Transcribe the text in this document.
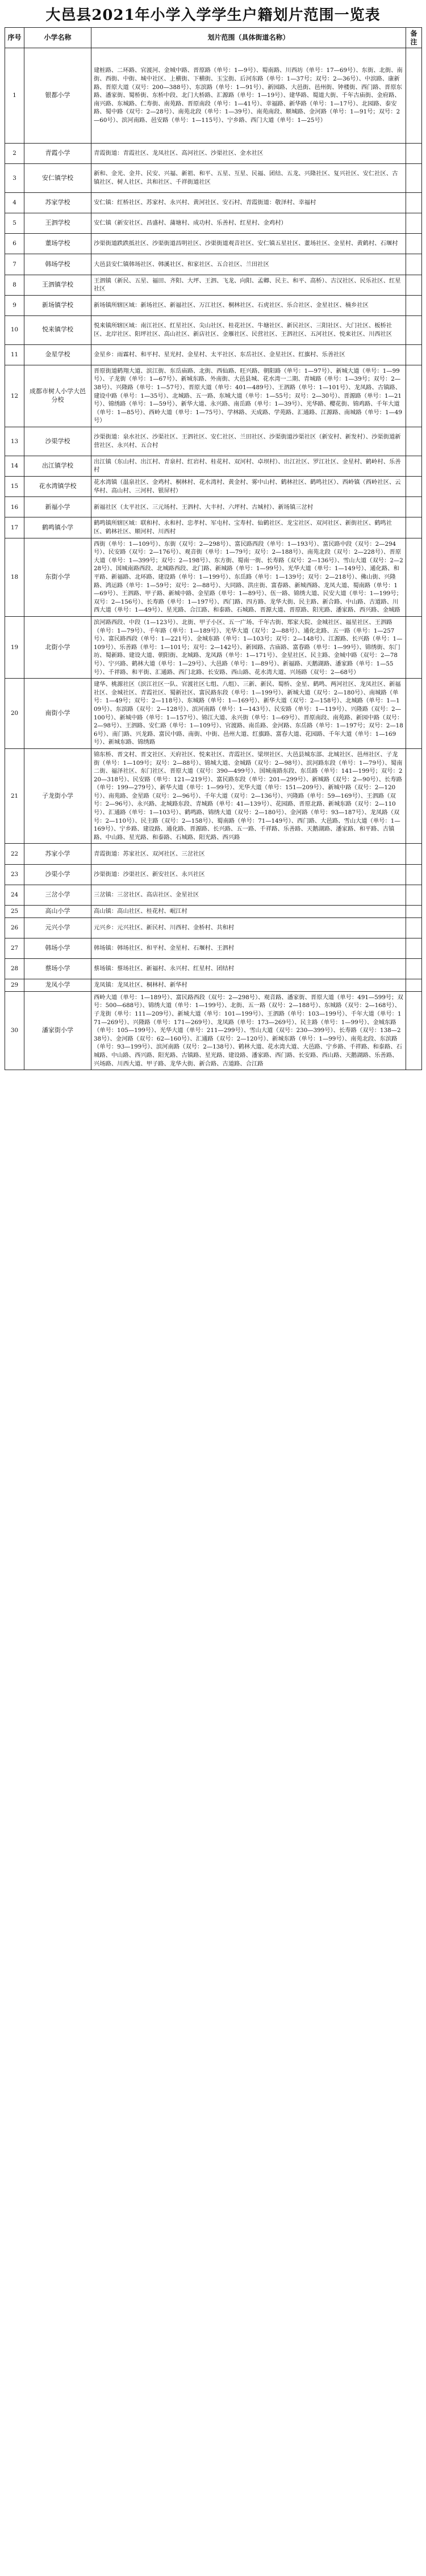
大邑县2021年小学入学学生户籍划片范围一览表
序号	小学名称	划片范围（具体街道名称）	备注
1	银都小学	建桩路、二环路、官渡河、金城中路、晋原路（单号：1—9号）、蜀南路、川西坊（单号：17—69号）、东街、北街、南街、西街、中街、城中社区、上横街、下横街、玉宝街、后河东路（单号：1—37号；双号：2—36号）、中滨路、康新路、晋原大道（双号：200—388号）、东滨路（单号：1—91号）、新园路、大邑街、邑州街、钟楼街、西门路、晋原东路、潘家街、蜀桥街、东桥中段、北门大桥路、汇源路（单号：1—19号）、建华路、蜀道大街、千年古庙街、金府路、南兴路、东城路、仁寿街、南苑路、晋原南段（单号：1—41号）、幸福路、新华路（单号：1—17号）、北园路、泰安路、蜀中路（双号：2—28号）、南苑北段（单号：1—39号）、南苑南段、顺城路、金河路（单号：1—91号；双号：2—60号）、滨河南路、邑安路（单号：1—115号）、宁乡路、西门大道（单号：1—25号）	
2	青霞小学	青霞街道：青霞社区、龙凤社区、高河社区、沙渠社区、金水社区	
3	安仁镇学校	新和、金光、金井、民安、兴福、新祖、和平、五星、互星、民福、团结、五龙、兴隆社区、复兴社区、安仁社区、古镇社区、树人社区、共和社区、千祥街道社区	
4	苏家学校	安仁镇：红桥社区、苏家村、永兴村、黄河社区、安石村、青霞街道：敬泽村、幸福村	
5	王泗学校	安仁镇（新安社区、昌盛村、蒲塘村、成功村、乐善村、红星村、金鸡村）	
6	董场学校	沙渠街道跌跌抵社区、沙渠街道昌明社区、沙渠街道观音社区、安仁镇五星社区、董场社区、金星村、黄鹤村、石堰村	
7	韩场学校	大邑县安仁镇韩场社区、韩溪社区、和家社区、五合社区、兰田社区	
8	王泗镇学校	王泗镇（新民、五星、福田、齐阳、大坪、王泗、飞龙、向阳、孟卿、民主、和平、高桥）、古汉社区、民乐社区、红星社区	
9	新场镇学校	新场镇所辖区域：新场社区、新福社区、万江社区、桐林社区、石虎社区、乐合社区、金星社区、楠乡社区	
10	悦来镇学校	悦来镇所辖区域：南江社区、红星社区、尖山社区、桂花社区、牛塘社区、新民社区、三阳社区、大门社区、板桥社区、北岸社区、阳坪社区、高山社区、新店社区、金雁社区、民营社区、王泗社区、五河社区、悦来社区、川西社区	
11	金星学校	金星乡：雨霖村、和平村、星光村、金星村、太平社区、东岳社区、金星社区、红旗村、乐善社区	
12	成都市树人小学大邑分校	晋原街道鹤翔大道、滨江街、东岳庙路、北街、西仙路、旺兴路、朝阳路（单号：1—97号）、新城大道（单号：1—99号）、子龙街（单号：1—67号）、新城东路、外南街、大邑县城、花水湾一二期、青城路（单号：1—39号；双号：2—38号）、兴隆路（单号：1—57号）、晋原大道（单号：401—489号）、王泗路（单号：1—101号）、龙凤路、古镇路、建设中路（单号：1—35号）、北城路、五一路、东城大道（单号：1—55号；双号：2—30号）、晋源路（单号：1—21号）、锦绣路（单号：1—59号）、新华大道、永兴路、南岳路（单号：1—39号）、光华路、樱花街、锦鸡路、千年大道（单号：1—85号）、西岭大道（单号：1—75号）、学林路、天成路、学苑路、汇通路、江源路、南城路（单号：1—49号）	
13	沙渠学校	沙渠街道：泉水社区、沙渠社区、王泗社区、安仁社区、兰田社区、沙渠街道沙渠社区（新安村、新发村）、沙渠街道新营社区、永兴村、五合村	
14	出江镇学校	出江镇（东山村、出江村、青泉村、红岩村、桂花村、双河村、卓坝村）、出江社区、罗江社区、金星村、鹤岭村、乐善村	
15	花水湾镇学校	花水湾镇（温泉社区、金鸡村、桐林村、花水湾村、黄金村、雾中山村、鹤林社区、鹤鸣社区）、西岭镇（西岭社区、云华村、高山村、三河村、银屏村）	
16	新福小学	新福社区（太平社区、三元场村、王泗村、大丰村、六坪村、古城村）、新场镇三岔村	
17	鹤鸣镇小学	鹤鸣镇所辖区域：联和村、永和村、忠孝村、军屯村、宝寿村、仙鹤社区、龙宝社区、双河社区、新街社区、鹤鸣社区、鹤林社区、顺河村、川西村	
18	东街小学	西街（单号：1—109号）、东街（双号：2—298号）、富民路西段（单号：1—193号）、富民路中段（双号：2—294号）、民安路（双号：2—176号）、观音街（单号：1—79号；双号：2—188号）、南苑北段（双号：2—228号）、晋原大道（单号：1—399号；双号：2—198号）、东方街、蜀南一街、长寿路（双号：2—136号）、雪山大道（双号：2—228号）、国城南路西段、北城路西段、北门路、新城路（单号：1—99号）、光华大道（单号：1—149号）、通化路、和平路、新福路、北环路、建设路（单号：1—199号）、东岳路（单号：1—139号；双号：2—218号）、佛山街、兴隆路、鸿运路（单号：1—59号；双号：2—88号）、大同路、洪庄街、富春路、新城西路、龙凤大道、蜀南路（单号：1—69号）、王泗路、甲子路、新城中路、金星路（单号：1—89号）、伍一路、锦绣大道、民安大道（单号：1—199号；双号：2—156号）、长寿路（单号：1—197号）、西门路、四方路、龙华大街、民主路、新合路、中山路、古道路、川西大道（单号：1—49号）、星光路、合江路、和泰路、石城路、晋源大道、晋原路、阳光路、潘家路、西兴路、金城路	
19	北街小学	滨河路西段、中段（1—123号）、北街、甲子小区、五一广场、千年古街、郑家大院、金城社区、福星社区、王泗路（单号：1—79号）、千年路（单号：1—189号）、光华大道（双号：2—88号）、通化北路、五一路（单号：1—257号）、富民路西段（单号：1—221号）、金城东路（单号：1—103号；双号：2—148号）、江源路、长兴路（单号：1—109号）、乐善路（单号：1—101号；双号：2—142号）、新园路、古庙路、富春路（单号：1—99号）、锦绣街、东门坊、蜀新路、建设大道、朝阳街、北城路、龙凤路（单号：1—171号）、金星社区、民主路、金城中路（双号：2—78号）、宁兴路、鹤林大道（单号：1—29号）、大邑路（单号：1—89号）、新福路、天鹅湖路、潘家路（单号：1—55号）、千祥路、和平街、汇通路、西门北路、长安路、西山路、花水湾大道、兴场路（双号：2—68号）	
20	南街小学	建华、桃源社区（滨江社区一队、官渡社区七组、八组）、三新、新民、蜀桥、金星、鹤鸣、两河社区、龙凤社区、新福社区、金城社区、青霞社区、蜀新社区、富民路东段（单号：1—199号）、新城大道（双号：2—180号）、南城路（单号：1—49号；双号：2—118号）、东城路（单号：1—169号）、新华大道（双号：2—158号）、北城路（单号：1—109号）、东滨路（双号：2—128号）、滨河南路（单号：1—143号）、民安路（单号：1—119号）、兴隆路（双号：2—100号）、新城中路（单号：1—157号）、锦江大道、永兴街（单号：1—69号）、晋原南段、南苑路、新园中路（双号：2—98号）、王泗路、安仁路（单号：1—109号）、官渡路、南岳路、金河路、东岳路（单号：1—197号；双号：2—186号）、南门路、兴龙路、富民中路、南街、中街、邑州大道、红旗路、富春大道、花园路、千年大道（单号：1—169号）、新城东路、锦绣路	
21	子龙街小学	锦东桥、晋文村、晋文社区、天府社区、悦来社区、青霞社区、梁坝社区、大邑县城东部、北城社区、邑州社区、子龙街（单号：1—109号；双号：2—88号）、锦城大道、金城路（双号：2—98号）、滨河路东段（单号：1—79号）、蜀南二街、福泽社区、东门社区、晋原大道（双号：390—499号）、国城南路东段、东岳路（单号：141—199号；双号：220—318号）、民安路（单号：121—219号）、富民路东段（单号：201—299号）、新城路（双号：2—90号）、长寿路（单号：199—279号）、新华大道（单号：1—99号）、光华大道（单号：151—209号）、新城中路（双号：2—120号）、南苑路、金星路（双号：2—96号）、千年大道（双号：2—136号）、兴隆路（单号：59—169号）、王泗路（双号：2—96号）、永兴路、北城路东段、青城路（单号：41—139号）、花园路、晋原北路、新城东路（双号：2—110号）、汇通路（单号：1—103号）、鹤鸣路、锦绣大道（双号：2—180号）、金河路（单号：93—187号）、龙凤路（双号：2—110号）、民主路（双号：2—158号）、蜀南路（单号：71—149号）、西门路、大邑路、雪山大道（单号：1—169号）、宁乡路、建设路、通化路、晋源路、长兴路、五一路、千祥路、乐善路、天鹅湖路、潘家路、和平路、古镇路、中山路、星光路、和泰路、石城路、阳光路、西兴路	
22	苏家小学	青霞街道：苏家社区、双河社区、三岔社区	
23	沙渠小学	沙渠街道：沙渠社区、新安社区、永兴社区	
24	三岔小学	三岔镇：三岔社区、高店社区、金星社区	
25	高山小学	高山镇：高山社区、桂花村、岷江村	
26	元兴小学	元兴乡：元兴社区、新民村、川西村、金桥村、共和村	
27	韩场小学	韩场镇：韩场社区、和平村、金星村、石堰村、王泗村	
28	蔡场小学	蔡场镇：蔡场社区、新福村、永兴村、红星村、团结村	
29	龙凤小学	龙凤镇：龙凤社区、桐林村、新华村	
30	潘家街小学	西岭大道（单号：1—189号）、富民路西段（双号：2—298号）、观音路、潘家街、晋原大道（单号：491—599号；双号：500—688号）、锦绣大道（单号：1—199号）、北街、五一路（双号：2—188号）、东城路（双号：2—168号）、子龙街（单号：111—209号）、新城大道（单号：101—199号）、王泗路（单号：103—199号）、千年大道（单号：171—269号）、兴隆路（单号：171—269号）、龙凤路（单号：173—269号）、民主路（单号：1—99号）、金城东路（单号：105—199号）、光华大道（单号：211—299号）、雪山大道（双号：230—399号）、长寿路（双号：138—238号）、金河路（双号：62—160号）、汇通路（双号：2—120号）、新城东路（单号：1—99号）、南苑北段、东滨路（单号：93—199号）、滨河南路（双号：2—138号）、鹤林大道、花水湾大道、大邑路、宁乡路、千祥路、和泰路、石城路、中山路、西兴路、阳光路、古镇路、星光路、建设路、潘家路、西门路、长安路、西山路、天鹅湖路、乐善路、兴场路、川西大道、甲子路、龙华大街、新合路、古道路、合江路	
